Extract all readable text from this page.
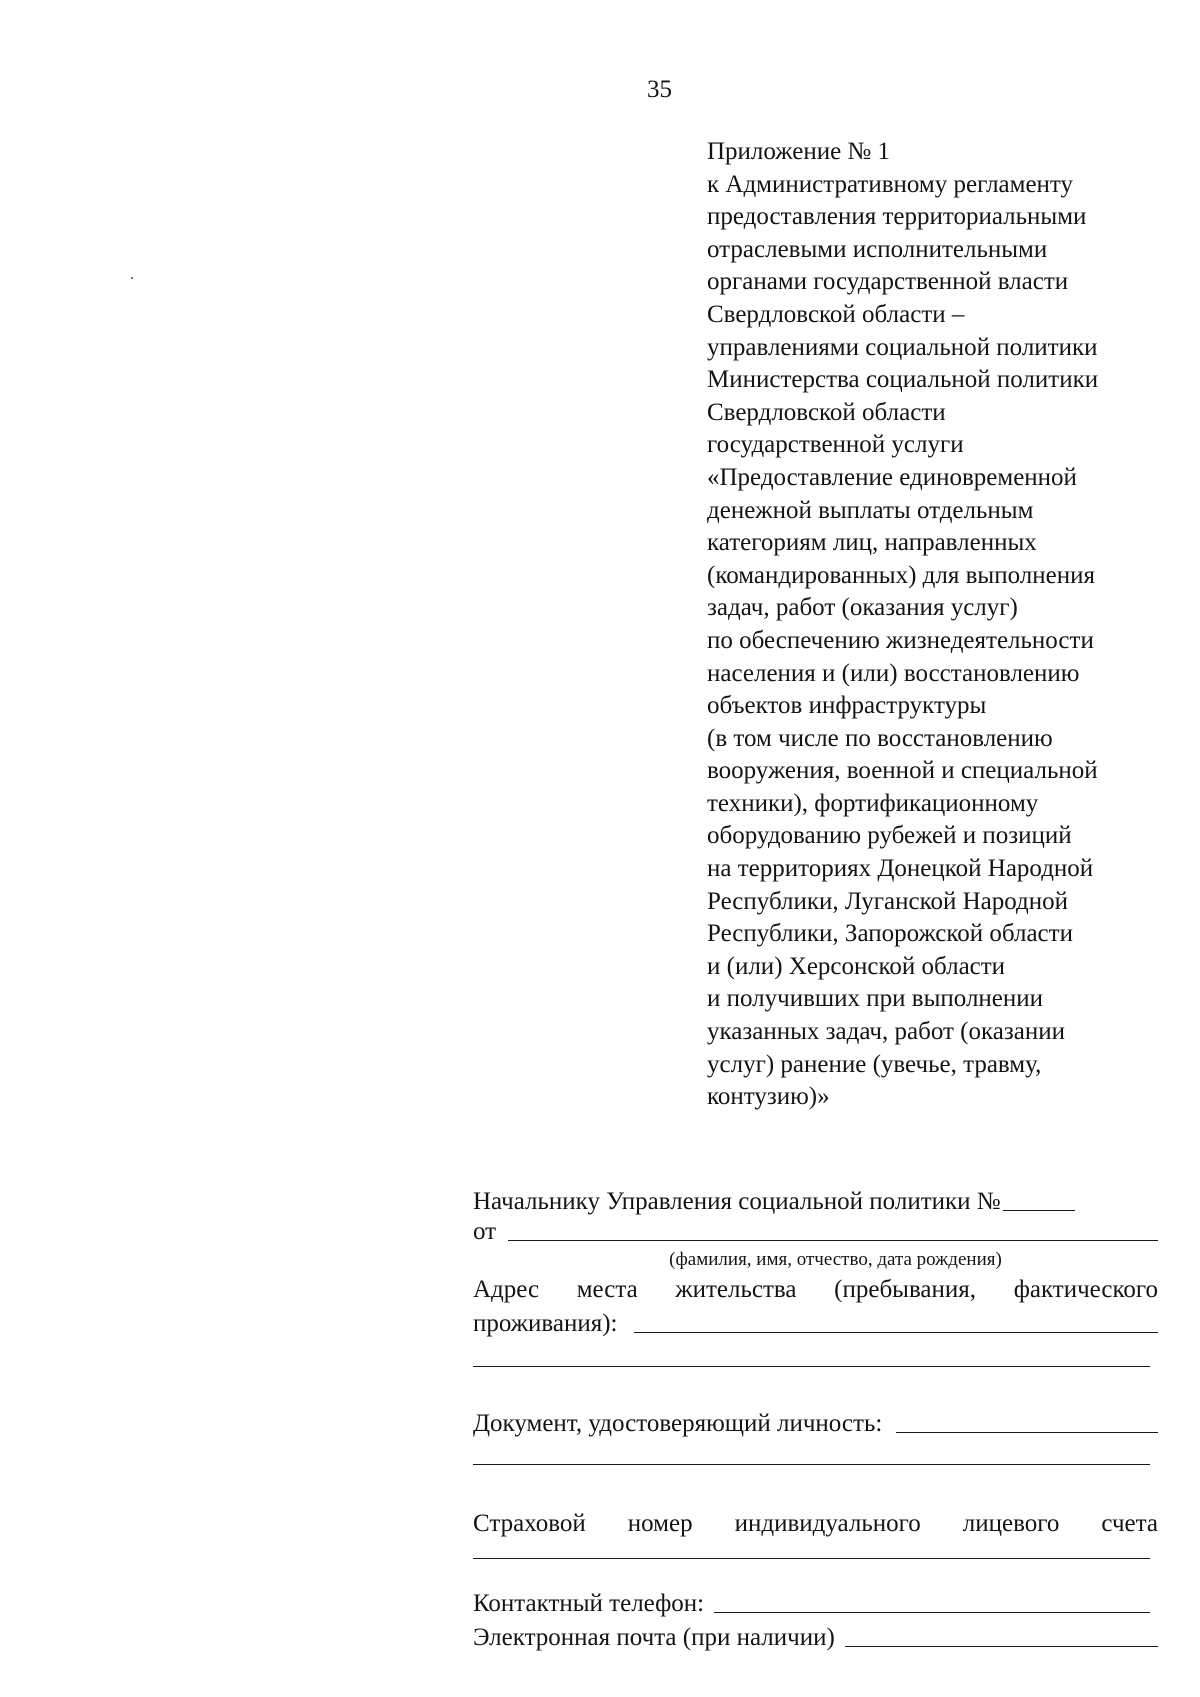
35
Приложение № 1
к Административному регламенту
предоставления территориальными
отраслевыми исполнительными
органами государственной власти
Свердловской области –
управлениями социальной политики
Министерства социальной политики
Свердловской области
государственной услуги
«Предоставление единовременной
денежной выплаты отдельным
категориям лиц, направленных
(командированных) для выполнения
задач, работ (оказания услуг)
по обеспечению жизнедеятельности
населения и (или) восстановлению
объектов инфраструктуры
(в том числе по восстановлению
вооружения, военной и специальной
техники), фортификационному
оборудованию рубежей и позиций
на территориях Донецкой Народной
Республики, Луганской Народной
Республики, Запорожской области
и (или) Херсонской области
и получивших при выполнении
указанных задач, работ (оказании
услуг) ранение (увечье, травму,
контузию)»
Начальнику Управления социальной политики №
от
(фамилия, имя, отчество, дата рождения)
Адрес места жительства (пребывания, фактического
проживания):
Документ, удостоверяющий личность:
Страховой номер индивидуального лицевого счета
Контактный телефон:
Электронная почта (при наличии)
